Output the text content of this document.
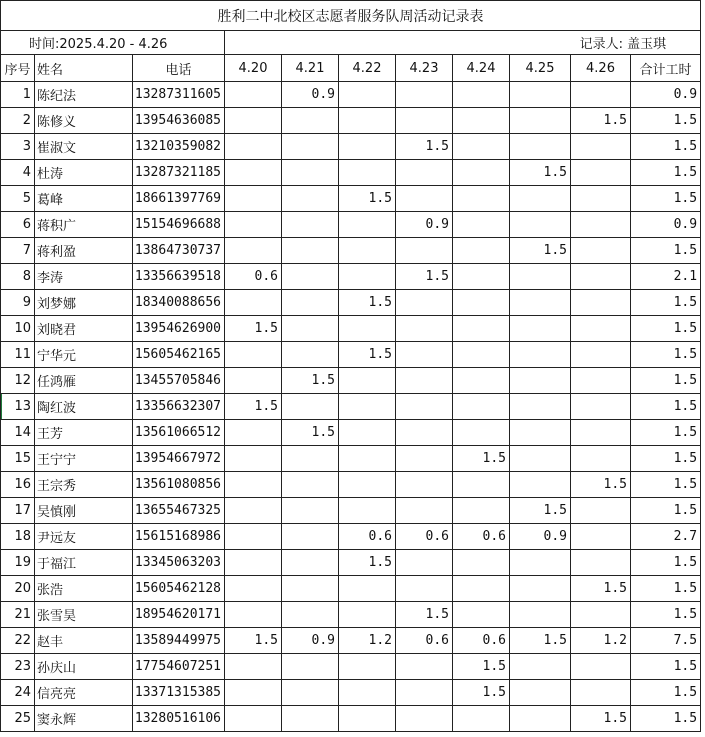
胜利二中北校区志愿者服务队周活动记录表										
时间:2025.4.20 - 4.26			记录人: 盖玉琪							
序号	姓名	电话	4.20	4.21	4.22	4.23	4.24	4.25	4.26	合计工时
1	陈纪法	13287311605		0.9						0.9
2	陈修义	13954636085							1.5	1.5
3	崔淑文	13210359082				1.5				1.5
4	杜涛	13287321185						1.5		1.5
5	葛峰	18661397769			1.5					1.5
6	蒋积广	15154696688				0.9				0.9
7	蒋利盈	13864730737						1.5		1.5
8	李涛	13356639518	0.6			1.5				2.1
9	刘梦娜	18340088656			1.5					1.5
10	刘晓君	13954626900	1.5							1.5
11	宁华元	15605462165			1.5					1.5
12	任鸿雁	13455705846		1.5						1.5
13	陶红波	13356632307	1.5							1.5
14	王芳	13561066512		1.5						1.5
15	王宁宁	13954667972					1.5			1.5
16	王宗秀	13561080856							1.5	1.5
17	吴慎刚	13655467325						1.5		1.5
18	尹远友	15615168986			0.6	0.6	0.6	0.9		2.7
19	于福江	13345063203			1.5					1.5
20	张浩	15605462128							1.5	1.5
21	张雪昊	18954620171				1.5				1.5
22	赵丰	13589449975	1.5	0.9	1.2	0.6	0.6	1.5	1.2	7.5
23	孙庆山	17754607251					1.5			1.5
24	信亮亮	13371315385					1.5			1.5
25	窦永辉	13280516106							1.5	1.5
